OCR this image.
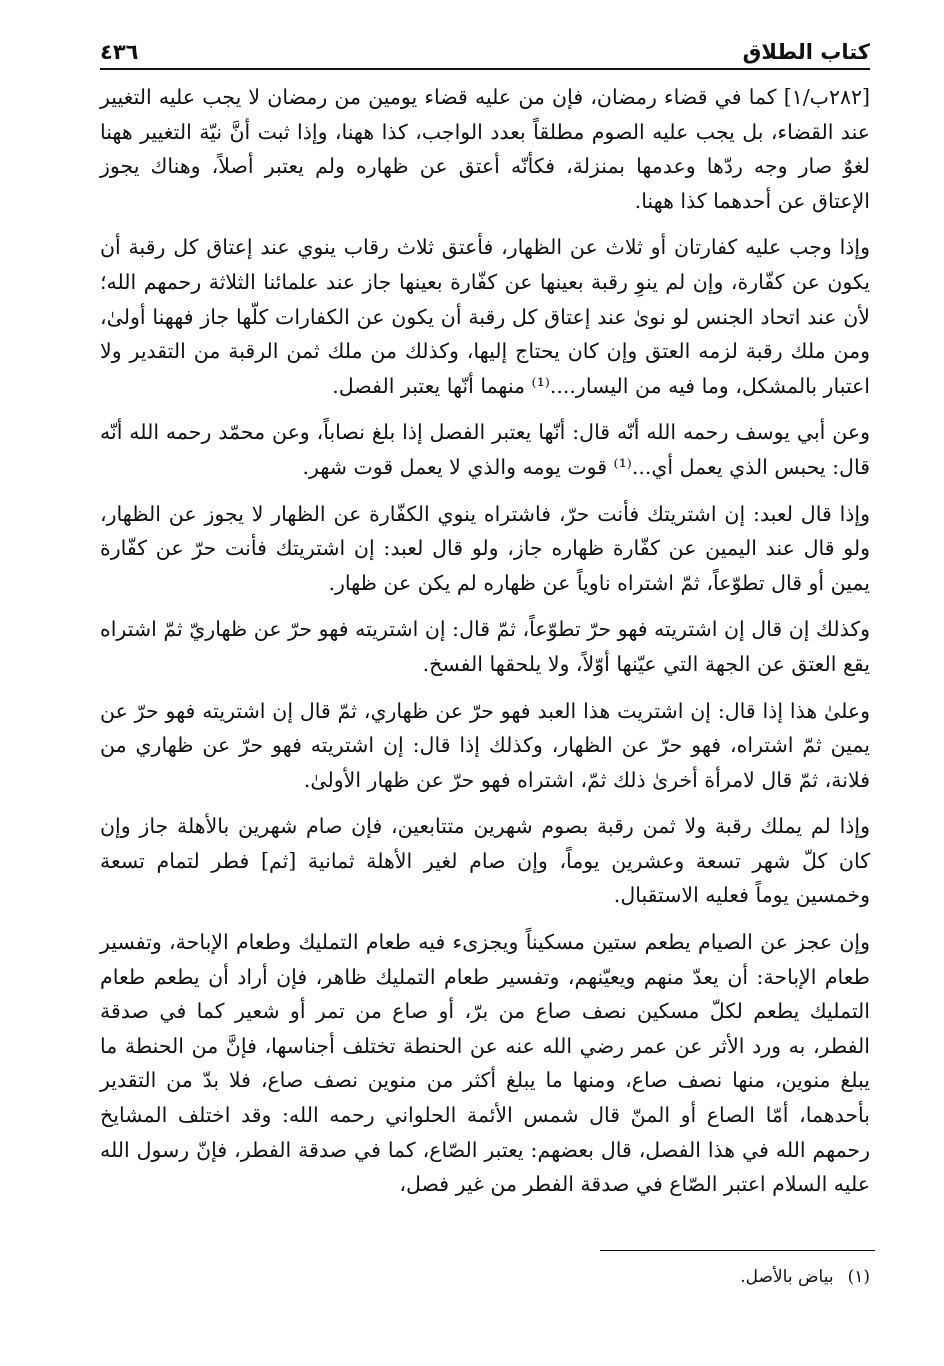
كتاب الطلاق
٤٣٦

[٢٨٢ب/١] كما في قضاء رمضان، فإن من عليه قضاء يومين من رمضان لا يجب عليه التغيير عند القضاء، بل يجب عليه الصوم مطلقاً بعدد الواجب، كذا ههنا، وإذا ثبت أنَّ نيّة التغيير ههنا لغوٌ صار وجه ردّها وعدمها بمنزلة، فكأنّه أعتق عن ظهاره ولم يعتبر أصلاً، وهناك يجوز الإعتاق عن أحدهما كذا ههنا.

وإذا وجب عليه كفارتان أو ثلاث عن الظهار، فأعتق ثلاث رقاب ينوي عند إعتاق كل رقبة أن يكون عن كفّارة، وإن لم ينوِ رقبة بعينها عن كفّارة بعينها جاز عند علمائنا الثلاثة رحمهم الله؛ لأن عند اتحاد الجنس لو نوىٰ عند إعتاق كل رقبة أن يكون عن الكفارات كلّها جاز فههنا أولىٰ، ومن ملك رقبة لزمه العتق وإن كان يحتاج إليها، وكذلك من ملك ثمن الرقبة من التقدير ولا اعتبار بالمشكل، وما فيه من اليسار....⁽¹⁾ منهما أنّها يعتبر الفصل.

وعن أبي يوسف رحمه الله أنّه قال: أنّها يعتبر الفصل إذا بلغ نصاباً، وعن محمّد رحمه الله أنّه قال: يحبس الذي يعمل أي...⁽¹⁾ قوت يومه والذي لا يعمل قوت شهر.

وإذا قال لعبد: إن اشتريتك فأنت حرّ، فاشتراه ينوي الكفّارة عن الظهار لا يجوز عن الظهار، ولو قال عند اليمين عن كفّارة ظهاره جاز، ولو قال لعبد: إن اشتريتك فأنت حرّ عن كفّارة يمين أو قال تطوّعاً، ثمّ اشتراه ناوياً عن ظهاره لم يكن عن ظهار.

وكذلك إن قال إن اشتريته فهو حرّ تطوّعاً، ثمّ قال: إن اشتريته فهو حرّ عن ظهاريّ ثمّ اشتراه يقع العتق عن الجهة التي عيّنها أوّلاً، ولا يلحقها الفسخ.

وعلىٰ هذا إذا قال: إن اشتريت هذا العبد فهو حرّ عن ظهاري، ثمّ قال إن اشتريته فهو حرّ عن يمين ثمّ اشتراه، فهو حرّ عن الظهار، وكذلك إذا قال: إن اشتريته فهو حرّ عن ظهاري من فلانة، ثمّ قال لامرأة أخرىٰ ذلك ثمّ، اشتراه فهو حرّ عن ظهار الأولىٰ.

وإذا لم يملك رقبة ولا ثمن رقبة بصوم شهرين متتابعين، فإن صام شهرين بالأهلة جاز وإن كان كلّ شهر تسعة وعشرين يوماً، وإن صام لغير الأهلة ثمانية [ثم] فطر لتمام تسعة وخمسين يوماً فعليه الاستقبال.

وإن عجز عن الصيام يطعم ستين مسكيناً ويجزىء فيه طعام التمليك وطعام الإباحة، وتفسير طعام الإباحة: أن يعدّ منهم ويعيّنهم، وتفسير طعام التمليك ظاهر، فإن أراد أن يطعم طعام التمليك يطعم لكلّ مسكين نصف صاع من برّ، أو صاع من تمر أو شعير كما في صدقة الفطر، به ورد الأثر عن عمر رضي الله عنه عن الحنطة تختلف أجناسها، فإنَّ من الحنطة ما يبلغ منوين، منها نصف صاع، ومنها ما يبلغ أكثر من منوين نصف صاع، فلا بدّ من التقدير بأحدهما، أمّا الصاع أو المنّ قال شمس الأئمة الحلواني رحمه الله: وقد اختلف المشايخ رحمهم الله في هذا الفصل، قال بعضهم: يعتبر الصّاع، كما في صدقة الفطر، فإنّ رسول الله عليه السلام اعتبر الصّاع في صدقة الفطر من غير فصل،

(١)بياض بالأصل.
